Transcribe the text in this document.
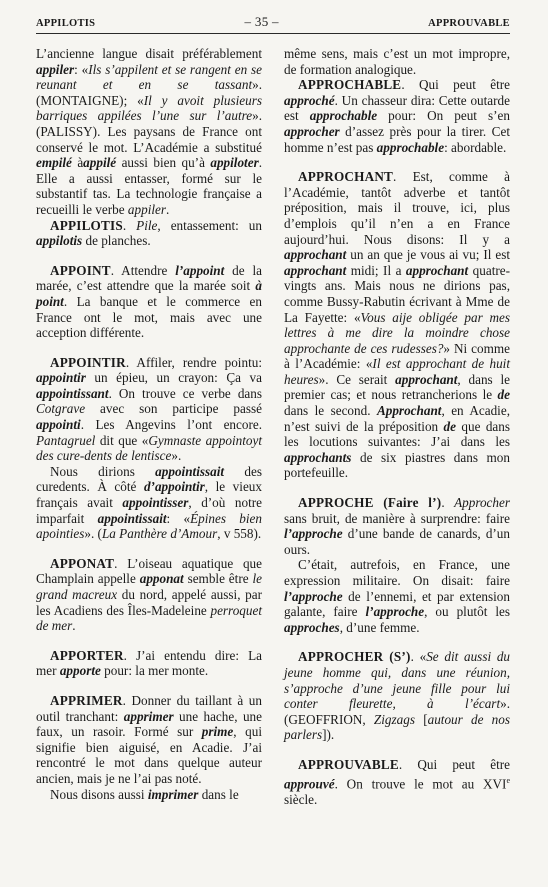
APPILOTIS	– 35 –	APPROUVABLE

L’ancienne langue disait préférablement appiler: «Ils s’appilent et se rangent en se reunant et en se tassant». (MONTAIGNE); «Il y avoit plusieurs barriques appilées l’une sur l’autre». (PALISSY). Les paysans de France ont conservé le mot. L’Académie a substitué empilé àappilé aussi bien qu’à appiloter. Elle a aussi entasser, formé sur le substantif tas. La technologie française a recueilli le verbe appiler.

APPILOTIS. Pile, entassement: un appilotis de planches.

APPOINT. Attendre l’appoint de la marée, c’est attendre que la marée soit à point. La banque et le commerce en France ont le mot, mais avec une acception différente.

APPOINTIR. Affiler, rendre pointu: appointir un épieu, un crayon: Ça va appointissant. On trouve ce verbe dans Cotgrave avec son participe passé appointi. Les Angevins l’ont encore. Pantagruel dit que «Gymnaste appointoyt des cure-dents de lentisce».

Nous dirions appointissait des curedents. À côté d’appointir, le vieux français avait appointisser, d’où notre imparfait appointissait: «Épines bien apointies». (La Panthère d’Amour, v 558).

APPONAT. L’oiseau aquatique que Champlain appelle apponat semble être le grand macreux du nord, appelé aussi, par les Acadiens des Îles-Madeleine perroquet de mer.

APPORTER. J’ai entendu dire: La mer apporte pour: la mer monte.

APPRIMER. Donner du taillant à un outil tranchant: apprimer une hache, une faux, un rasoir. Formé sur prime, qui signifie bien aiguisé, en Acadie. J’ai rencontré le mot dans quelque auteur ancien, mais je ne l’ai pas noté.

Nous disons aussi imprimer dans le

même sens, mais c’est un mot impropre, de formation analogique.

APPROCHABLE. Qui peut être approché. Un chasseur dira: Cette outarde est approchable pour: On peut s’en approcher d’assez près pour la tirer. Cet homme n’est pas approchable: abordable.

APPROCHANT. Est, comme à l’Académie, tantôt adverbe et tantôt préposition, mais il trouve, ici, plus d’emplois qu’il n’en a en France aujourd’hui. Nous disons: Il y a approchant un an que je vous ai vu; Il est approchant midi; Il a approchant quatre-vingts ans. Mais nous ne dirions pas, comme Bussy-Rabutin écrivant à Mme de La Fayette: «Vous aije obligée par mes lettres à me dire la moindre chose approchante de ces rudesses?» Ni comme à l’Académie: «Il est approchant de huit heures». Ce serait approchant, dans le premier cas; et nous retrancherions le de dans le second. Approchant, en Acadie, n’est suivi de la préposition de que dans les locutions suivantes: J’ai dans les approchants de six piastres dans mon portefeuille.

APPROCHE (Faire l’). Approcher sans bruit, de manière à surprendre: faire l’approche d’une bande de canards, d’un ours.

C’était, autrefois, en France, une expression militaire. On disait: faire l’approche de l’ennemi, et par extension galante, faire l’approche, ou plutôt les approches, d’une femme.

APPROCHER (S’). «Se dit aussi du jeune homme qui, dans une réunion, s’approche d’une jeune fille pour lui conter fleurette, à l’écart». (GEOFFRION, Zigzags [autour de nos parlers]).

APPROUVABLE. Qui peut être approuvé. On trouve le mot au XVIe siècle.
